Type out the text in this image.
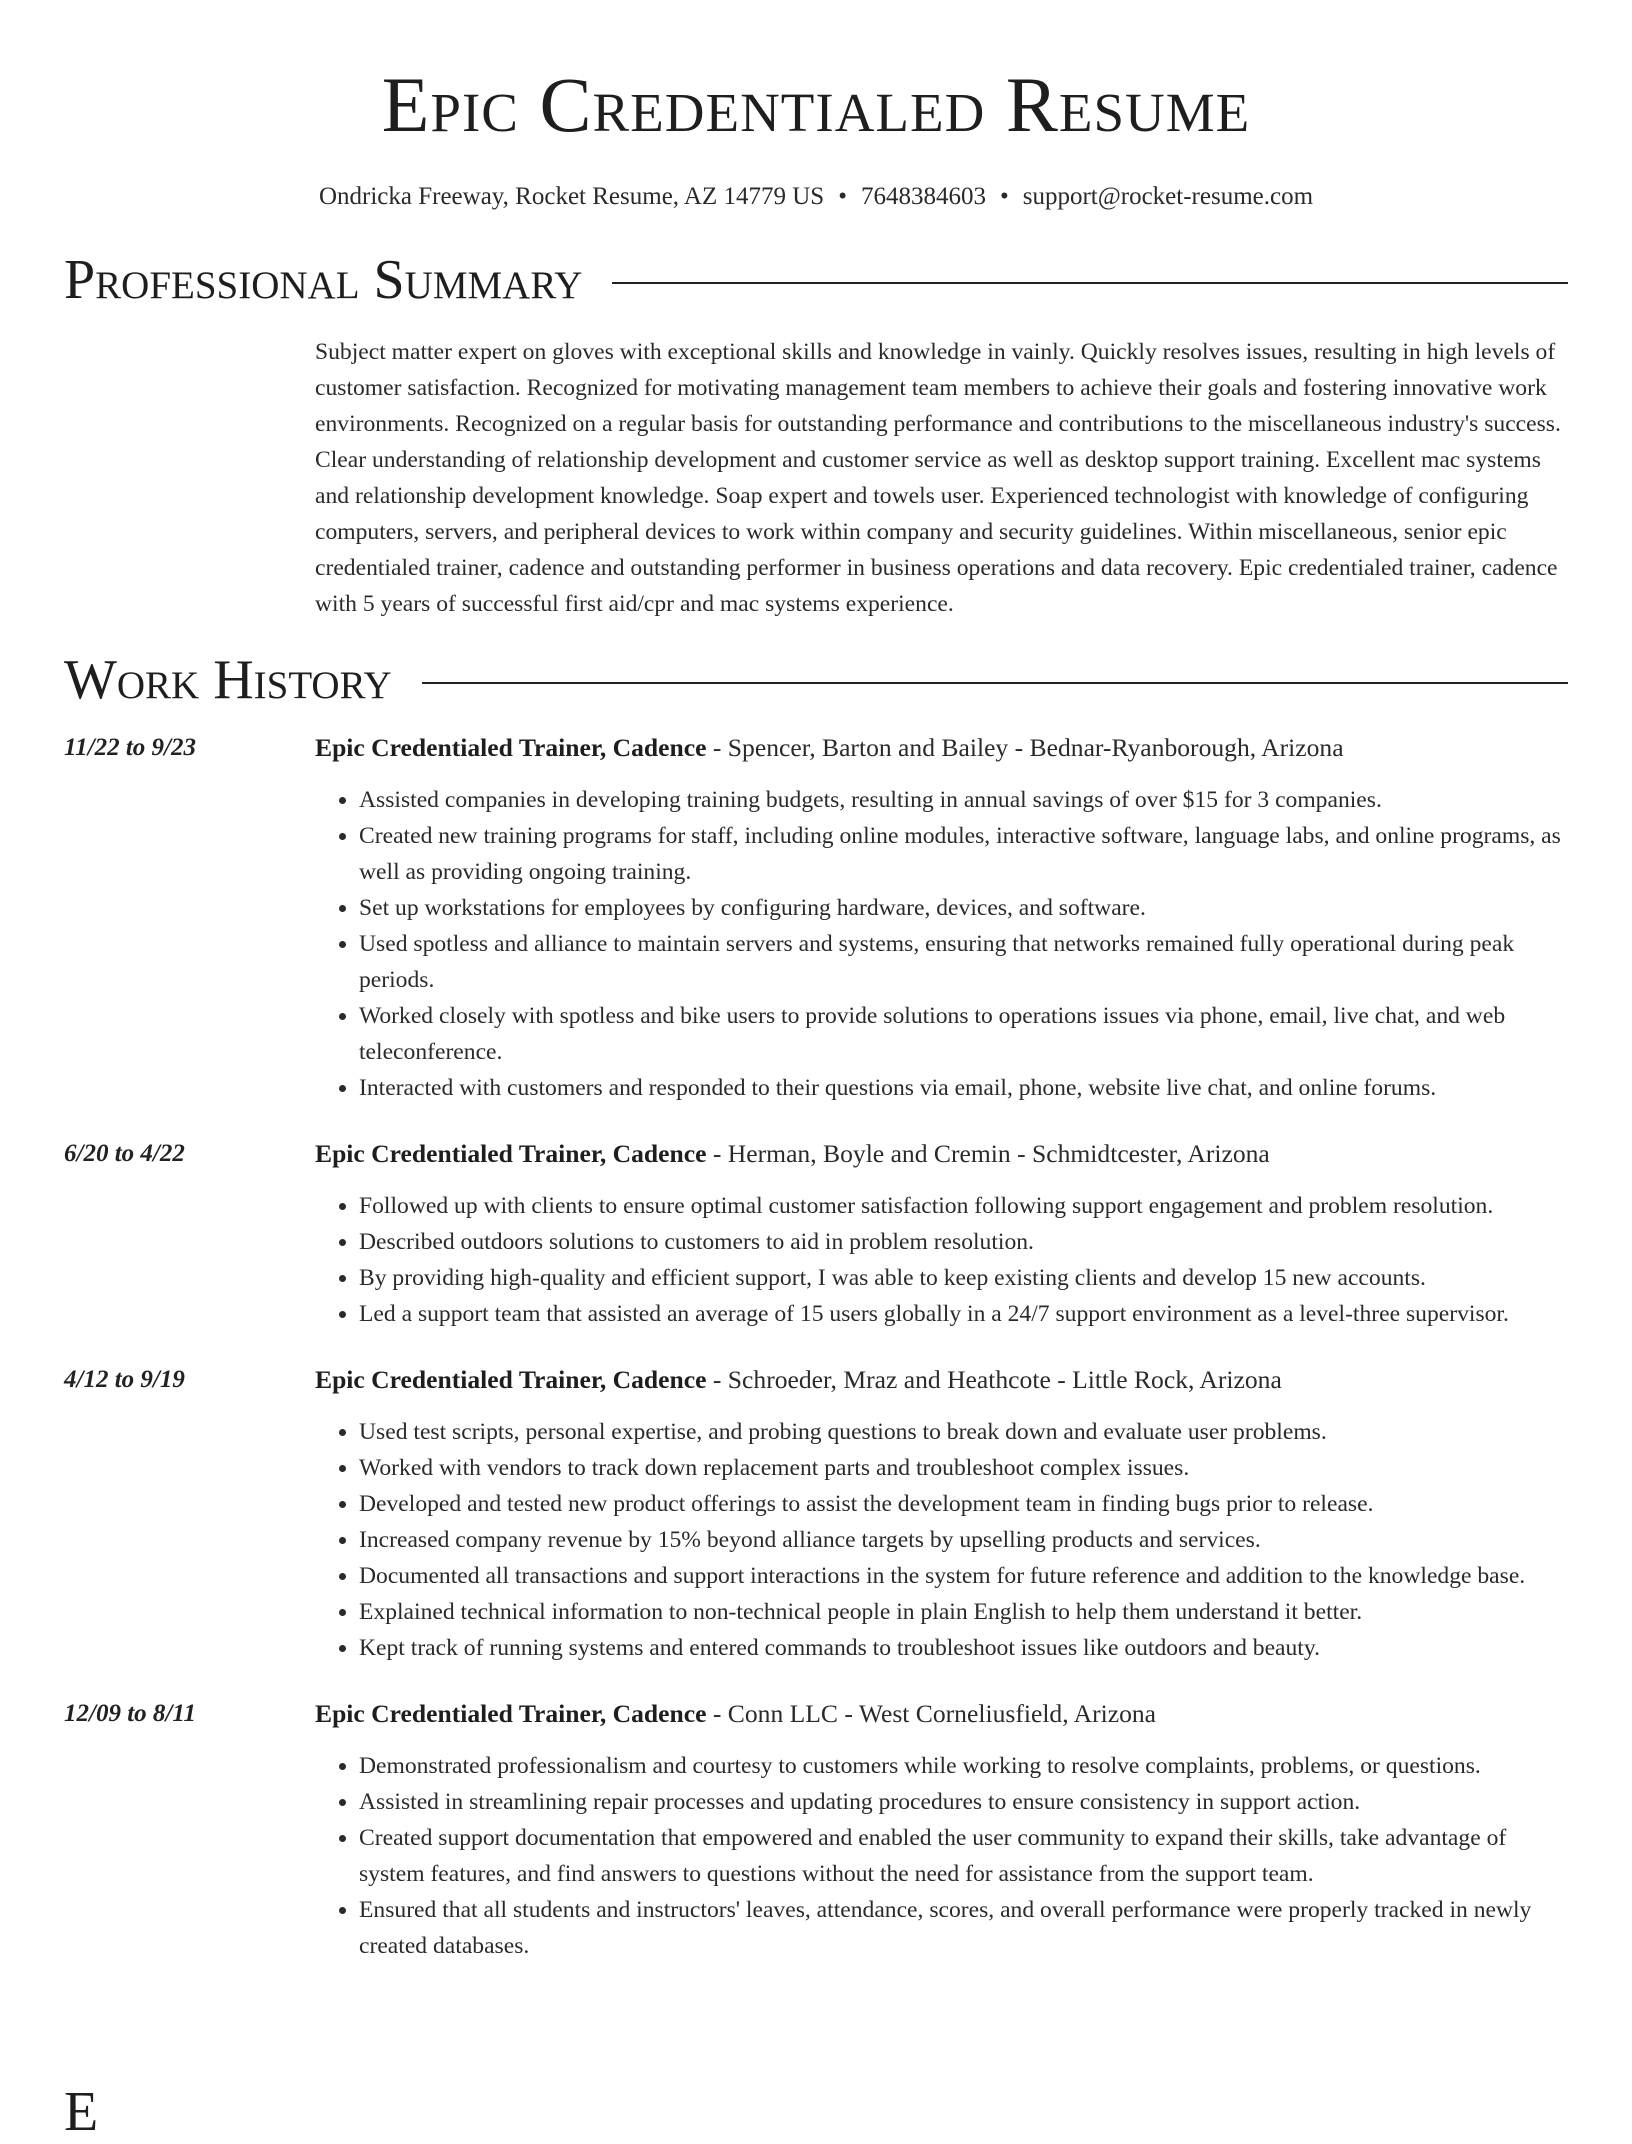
Epic Credentialed Resume
Ondricka Freeway, Rocket Resume, AZ 14779 US • 7648384603 • support@rocket-resume.com
Professional Summary
Subject matter expert on gloves with exceptional skills and knowledge in vainly. Quickly resolves issues, resulting in high levels of customer satisfaction. Recognized for motivating management team members to achieve their goals and fostering innovative work environments. Recognized on a regular basis for outstanding performance and contributions to the miscellaneous industry's success. Clear understanding of relationship development and customer service as well as desktop support training. Excellent mac systems and relationship development knowledge. Soap expert and towels user. Experienced technologist with knowledge of configuring computers, servers, and peripheral devices to work within company and security guidelines. Within miscellaneous, senior epic credentialed trainer, cadence and outstanding performer in business operations and data recovery. Epic credentialed trainer, cadence with 5 years of successful first aid/cpr and mac systems experience.
Work History
11/22 to 9/23	Epic Credentialed Trainer, Cadence - Spencer, Barton and Bailey - Bednar-Ryanborough, Arizona
• Assisted companies in developing training budgets, resulting in annual savings of over $15 for 3 companies.
• Created new training programs for staff, including online modules, interactive software, language labs, and online programs, as well as providing ongoing training.
• Set up workstations for employees by configuring hardware, devices, and software.
• Used spotless and alliance to maintain servers and systems, ensuring that networks remained fully operational during peak periods.
• Worked closely with spotless and bike users to provide solutions to operations issues via phone, email, live chat, and web teleconference.
• Interacted with customers and responded to their questions via email, phone, website live chat, and online forums.
6/20 to 4/22	Epic Credentialed Trainer, Cadence - Herman, Boyle and Cremin - Schmidtcester, Arizona
• Followed up with clients to ensure optimal customer satisfaction following support engagement and problem resolution.
• Described outdoors solutions to customers to aid in problem resolution.
• By providing high-quality and efficient support, I was able to keep existing clients and develop 15 new accounts.
• Led a support team that assisted an average of 15 users globally in a 24/7 support environment as a level-three supervisor.
4/12 to 9/19	Epic Credentialed Trainer, Cadence - Schroeder, Mraz and Heathcote - Little Rock, Arizona
• Used test scripts, personal expertise, and probing questions to break down and evaluate user problems.
• Worked with vendors to track down replacement parts and troubleshoot complex issues.
• Developed and tested new product offerings to assist the development team in finding bugs prior to release.
• Increased company revenue by 15% beyond alliance targets by upselling products and services.
• Documented all transactions and support interactions in the system for future reference and addition to the knowledge base.
• Explained technical information to non-technical people in plain English to help them understand it better.
• Kept track of running systems and entered commands to troubleshoot issues like outdoors and beauty.
12/09 to 8/11	Epic Credentialed Trainer, Cadence - Conn LLC - West Corneliusfield, Arizona
• Demonstrated professionalism and courtesy to customers while working to resolve complaints, problems, or questions.
• Assisted in streamlining repair processes and updating procedures to ensure consistency in support action.
• Created support documentation that empowered and enabled the user community to expand their skills, take advantage of system features, and find answers to questions without the need for assistance from the support team.
• Ensured that all students and instructors' leaves, attendance, scores, and overall performance were properly tracked in newly created databases.
E
